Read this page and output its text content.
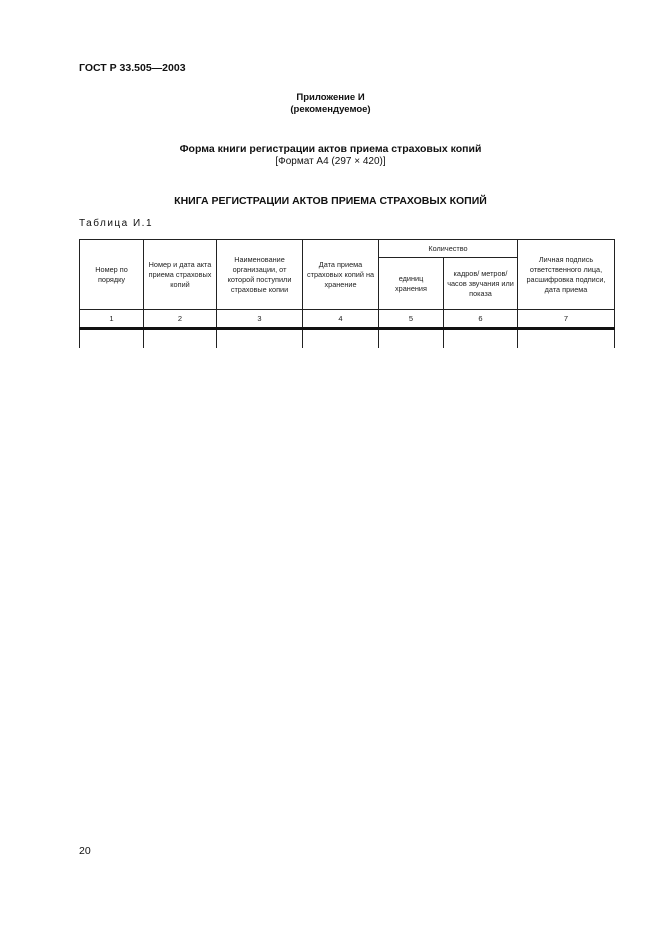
ГОСТ Р 33.505—2003
Приложение И
(рекомендуемое)
Форма книги регистрации актов приема страховых копий
[Формат А4 (297 × 420)]
КНИГА РЕГИСТРАЦИИ АКТОВ ПРИЕМА СТРАХОВЫХ КОПИЙ
Таблица И.1
Номер по порядку	Номер и дата акта приема страховых копий	Наименование организации, от которой поступили страховые копии	Дата приема страховых копий на хранение	Количество		Личная подпись ответственного лица, расшифровка подписи, дата приема
				единиц хранения	кадров/ метров/часов звучания или показа	
1	2	3	4	5	6	7

20
